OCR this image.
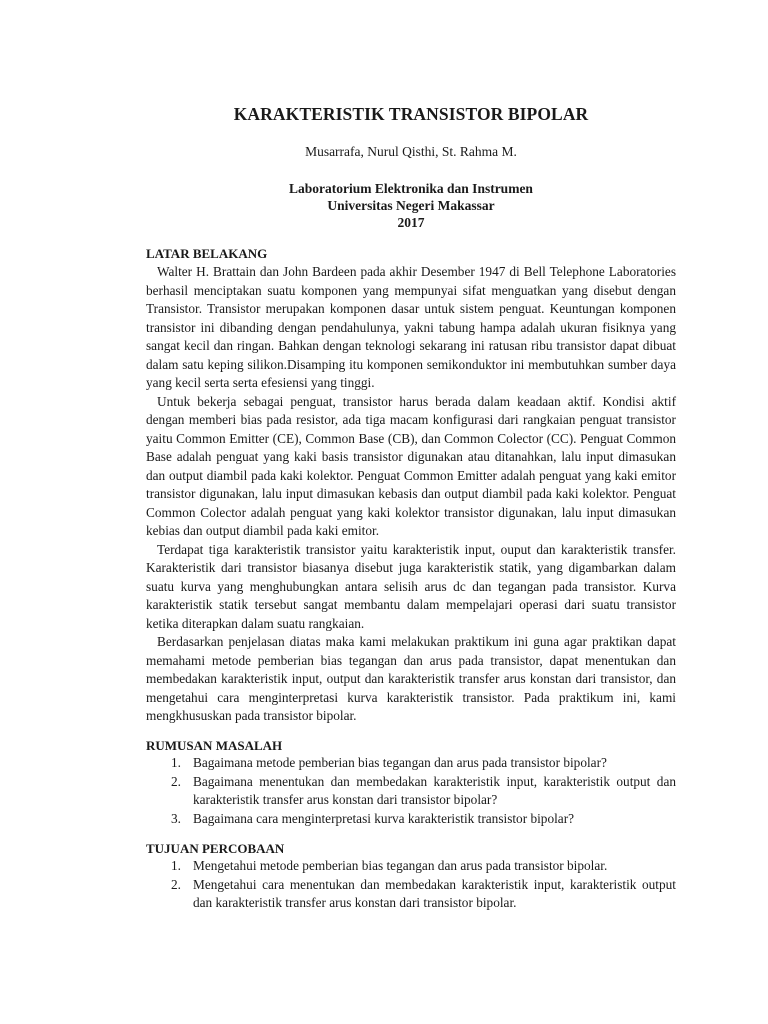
KARAKTERISTIK TRANSISTOR BIPOLAR
Musarrafa, Nurul Qisthi, St. Rahma M.
Laboratorium Elektronika dan Instrumen
Universitas Negeri Makassar
2017
LATAR BELAKANG

Walter H. Brattain dan John Bardeen pada akhir Desember 1947 di Bell Telephone Laboratories berhasil menciptakan suatu komponen yang mempunyai sifat menguatkan yang disebut dengan Transistor. Transistor merupakan komponen dasar untuk sistem penguat. Keuntungan komponen transistor ini dibanding dengan pendahulunya, yakni tabung hampa adalah ukuran fisiknya yang sangat kecil dan ringan. Bahkan dengan teknologi sekarang ini ratusan ribu transistor dapat dibuat dalam satu keping silikon.Disamping itu komponen semikonduktor ini membutuhkan sumber daya yang kecil serta serta efesiensi yang tinggi.

Untuk bekerja sebagai penguat, transistor harus berada dalam keadaan aktif. Kondisi aktif dengan memberi bias pada resistor, ada tiga macam konfigurasi dari rangkaian penguat transistor yaitu Common Emitter (CE), Common Base (CB), dan Common Colector (CC). Penguat Common Base adalah penguat yang kaki basis transistor digunakan atau ditanahkan, lalu input dimasukan dan output diambil pada kaki kolektor. Penguat Common Emitter adalah penguat yang kaki emitor transistor digunakan, lalu input dimasukan kebasis dan output diambil pada kaki kolektor. Penguat Common Colector adalah penguat yang kaki kolektor transistor digunakan, lalu input dimasukan kebias dan output diambil pada kaki emitor.

Terdapat tiga karakteristik transistor yaitu karakteristik input, ouput dan karakteristik transfer. Karakteristik dari transistor biasanya disebut juga karakteristik statik, yang digambarkan dalam suatu kurva yang menghubungkan antara selisih arus dc dan tegangan pada transistor. Kurva karakteristik statik tersebut sangat membantu dalam mempelajari operasi dari suatu transistor ketika diterapkan dalam suatu rangkaian.

Berdasarkan penjelasan diatas maka kami melakukan praktikum ini guna agar praktikan dapat memahami metode pemberian bias tegangan dan arus pada transistor, dapat menentukan dan membedakan karakteristik input, output dan karakteristik transfer arus konstan dari transistor, dan mengetahui cara menginterpretasi kurva karakteristik transistor. Pada praktikum ini, kami mengkhususkan pada transistor bipolar.

RUMUSAN MASALAH
1. Bagaimana metode pemberian bias tegangan dan arus pada transistor bipolar?
2. Bagaimana menentukan dan membedakan karakteristik input, karakteristik output dan karakteristik transfer arus konstan dari transistor bipolar?
3. Bagaimana cara menginterpretasi kurva karakteristik transistor bipolar?
TUJUAN PERCOBAAN
1. Mengetahui metode pemberian bias tegangan dan arus pada transistor bipolar.
2. Mengetahui cara menentukan dan membedakan karakteristik input, karakteristik output dan karakteristik transfer arus konstan dari transistor bipolar.
